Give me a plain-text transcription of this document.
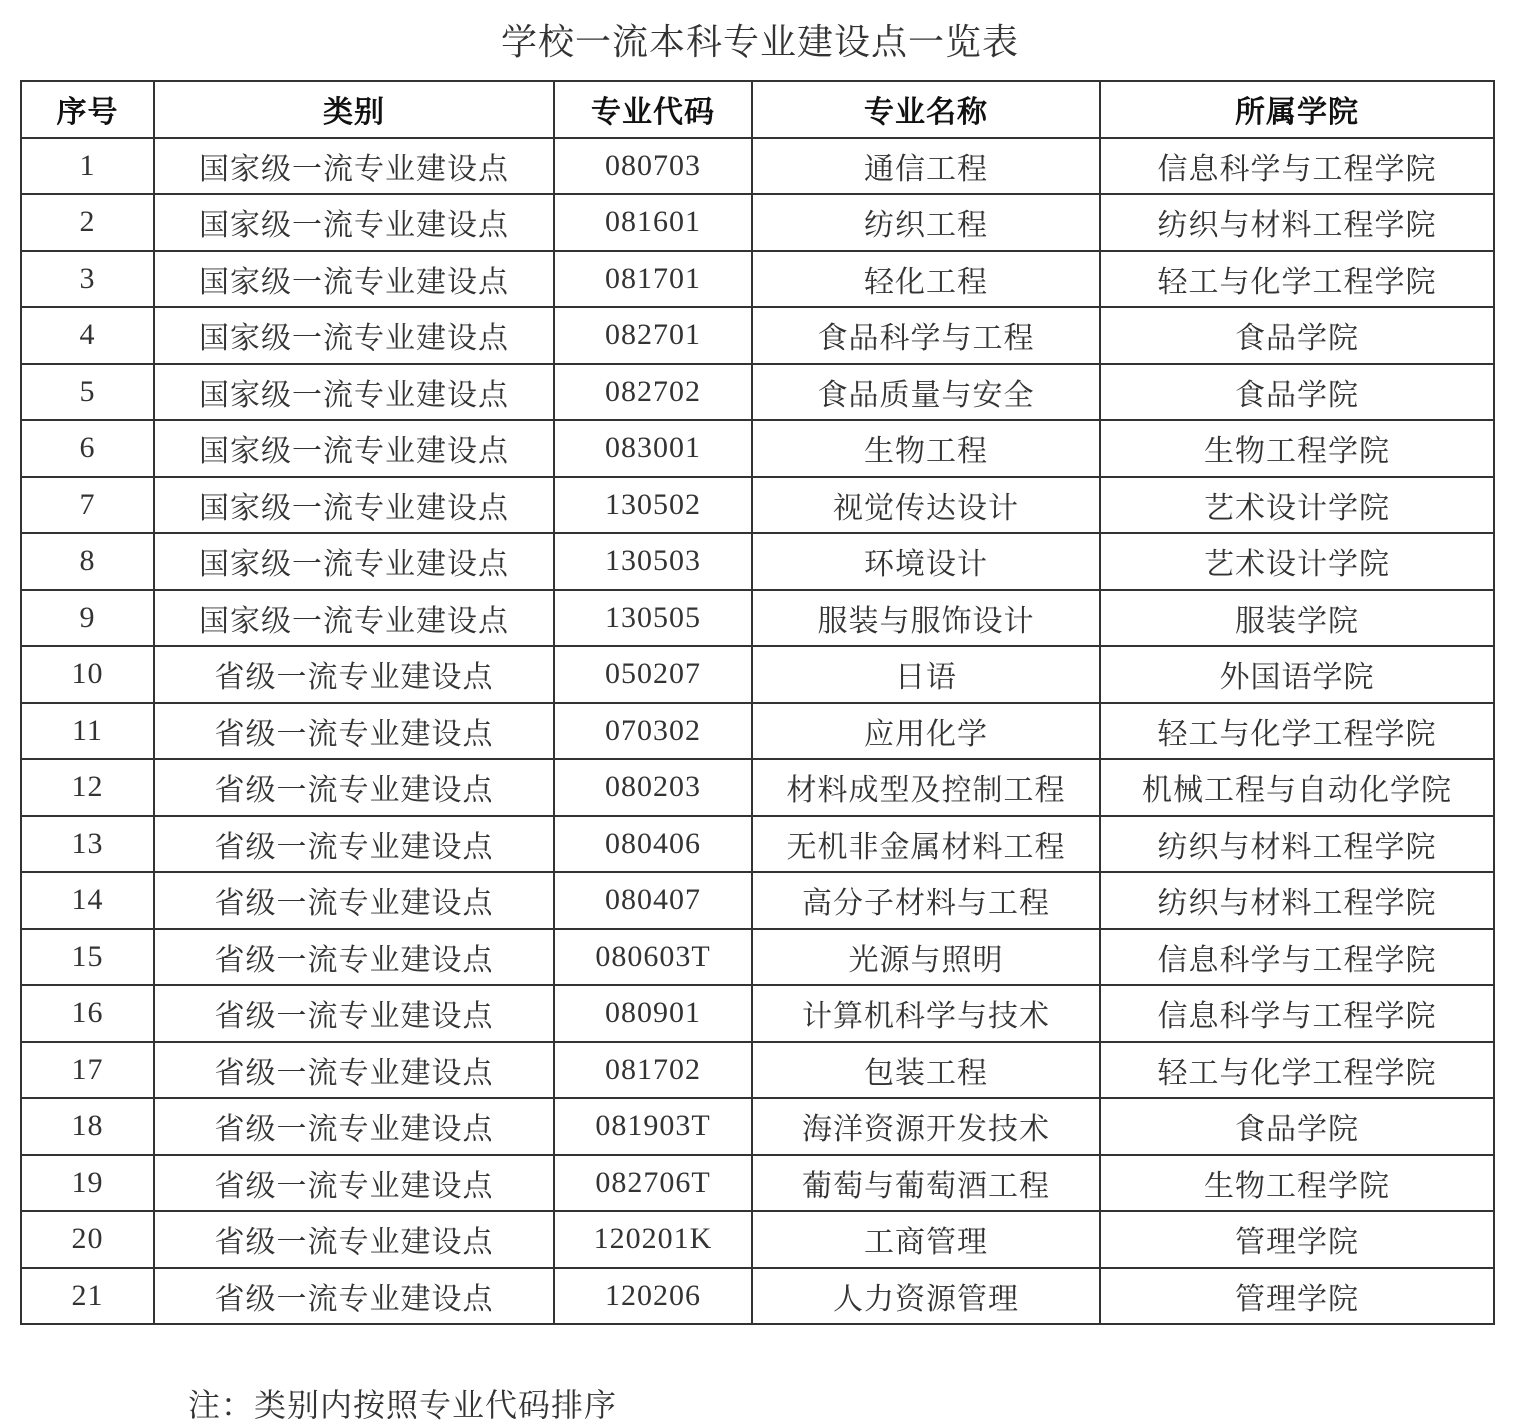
学校一流本科专业建设点一览表
序号	类别	专业代码	专业名称	所属学院
1	国家级一流专业建设点	080703	通信工程	信息科学与工程学院
2	国家级一流专业建设点	081601	纺织工程	纺织与材料工程学院
3	国家级一流专业建设点	081701	轻化工程	轻工与化学工程学院
4	国家级一流专业建设点	082701	食品科学与工程	食品学院
5	国家级一流专业建设点	082702	食品质量与安全	食品学院
6	国家级一流专业建设点	083001	生物工程	生物工程学院
7	国家级一流专业建设点	130502	视觉传达设计	艺术设计学院
8	国家级一流专业建设点	130503	环境设计	艺术设计学院
9	国家级一流专业建设点	130505	服装与服饰设计	服装学院
10	省级一流专业建设点	050207	日语	外国语学院
11	省级一流专业建设点	070302	应用化学	轻工与化学工程学院
12	省级一流专业建设点	080203	材料成型及控制工程	机械工程与自动化学院
13	省级一流专业建设点	080406	无机非金属材料工程	纺织与材料工程学院
14	省级一流专业建设点	080407	高分子材料与工程	纺织与材料工程学院
15	省级一流专业建设点	080603T	光源与照明	信息科学与工程学院
16	省级一流专业建设点	080901	计算机科学与技术	信息科学与工程学院
17	省级一流专业建设点	081702	包装工程	轻工与化学工程学院
18	省级一流专业建设点	081903T	海洋资源开发技术	食品学院
19	省级一流专业建设点	082706T	葡萄与葡萄酒工程	生物工程学院
20	省级一流专业建设点	120201K	工商管理	管理学院
21	省级一流专业建设点	120206	人力资源管理	管理学院
注：类别内按照专业代码排序
